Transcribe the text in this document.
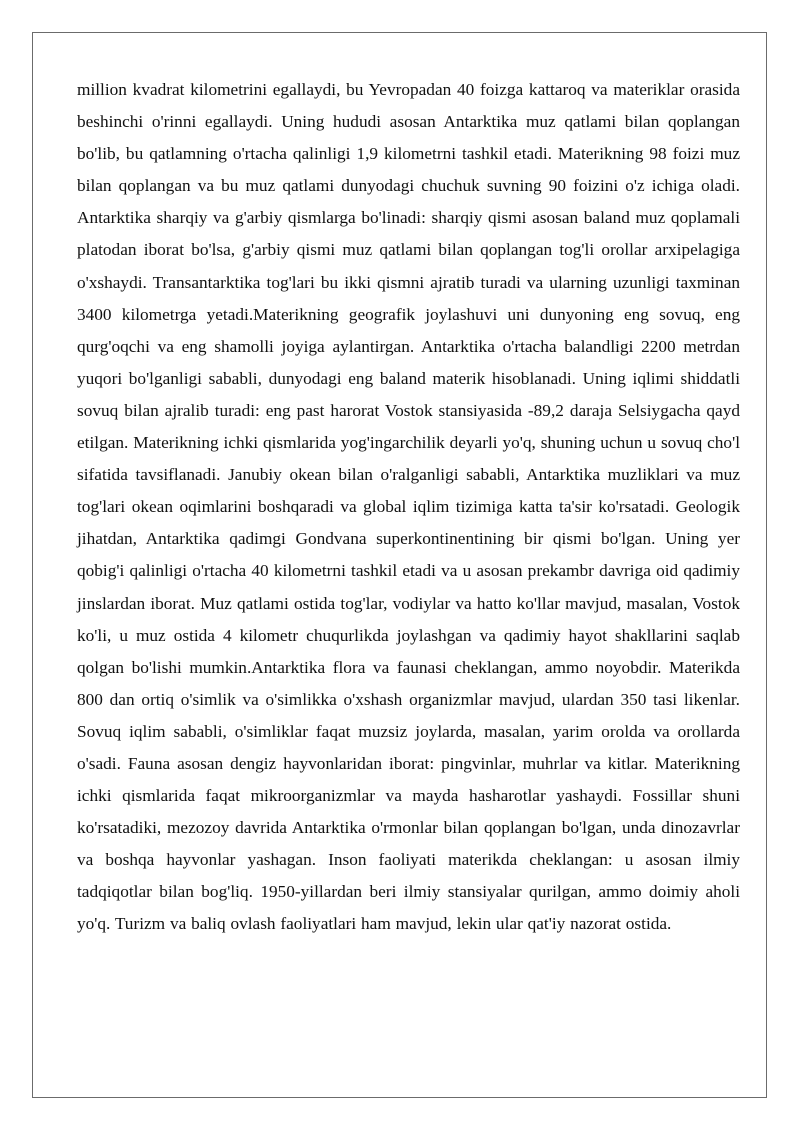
million kvadrat kilometrini egallaydi, bu Yevropadan 40 foizga kattaroq va materiklar orasida beshinchi o'rinni egallaydi. Uning hududi asosan Antarktika muz qatlami bilan qoplangan bo'lib, bu qatlamning o'rtacha qalinligi 1,9 kilometrni tashkil etadi. Materikning 98 foizi muz bilan qoplangan va bu muz qatlami dunyodagi chuchuk suvning 90 foizini o'z ichiga oladi. Antarktika sharqiy va g'arbiy qismlarga bo'linadi: sharqiy qismi asosan baland muz qoplamali platodan iborat bo'lsa, g'arbiy qismi muz qatlami bilan qoplangan tog'li orollar arxipelagiga o'xshaydi. Transantarktika tog'lari bu ikki qismni ajratib turadi va ularning uzunligi taxminan 3400 kilometrga yetadi.Materikning geografik joylashuvi uni dunyoning eng sovuq, eng qurg'oqchi va eng shamolli joyiga aylantirgan. Antarktika o'rtacha balandligi 2200 metrdan yuqori bo'lganligi sababli, dunyodagi eng baland materik hisoblanadi. Uning iqlimi shiddatli sovuq bilan ajralib turadi: eng past harorat Vostok stansiyasida -89,2 daraja Selsiygacha qayd etilgan. Materikning ichki qismlarida yog'ingarchilik deyarli yo'q, shuning uchun u sovuq cho'l sifatida tavsiflanadi. Janubiy okean bilan o'ralganligi sababli, Antarktika muzliklari va muz tog'lari okean oqimlarini boshqaradi va global iqlim tizimiga katta ta'sir ko'rsatadi. Geologik jihatdan, Antarktika qadimgi Gondvana superkontinentining bir qismi bo'lgan. Uning yer qobig'i qalinligi o'rtacha 40 kilometrni tashkil etadi va u asosan prekambr davriga oid qadimiy jinslardan iborat. Muz qatlami ostida tog'lar, vodiylar va hatto ko'llar mavjud, masalan, Vostok ko'li, u muz ostida 4 kilometr chuqurlikda joylashgan va qadimiy hayot shakllarini saqlab qolgan bo'lishi mumkin.Antarktika flora va faunasi cheklangan, ammo noyobdir. Materikda 800 dan ortiq o'simlik va o'simlikka o'xshash organizmlar mavjud, ulardan 350 tasi likenlar. Sovuq iqlim sababli, o'simliklar faqat muzsiz joylarda, masalan, yarim orolda va orollarda o'sadi. Fauna asosan dengiz hayvonlaridan iborat: pingvinlar, muhrlar va kitlar. Materikning ichki qismlarida faqat mikroorganizmlar va mayda hasharotlar yashaydi. Fossillar shuni ko'rsatadiki, mezozoy davrida Antarktika o'rmonlar bilan qoplangan bo'lgan, unda dinozavrlar va boshqa hayvonlar yashagan. Inson faoliyati materikda cheklangan: u asosan ilmiy tadqiqotlar bilan bog'liq. 1950-yillardan beri ilmiy stansiyalar qurilgan, ammo doimiy aholi yo'q. Turizm va baliq ovlash faoliyatlari ham mavjud, lekin ular qat'iy nazorat ostida.
